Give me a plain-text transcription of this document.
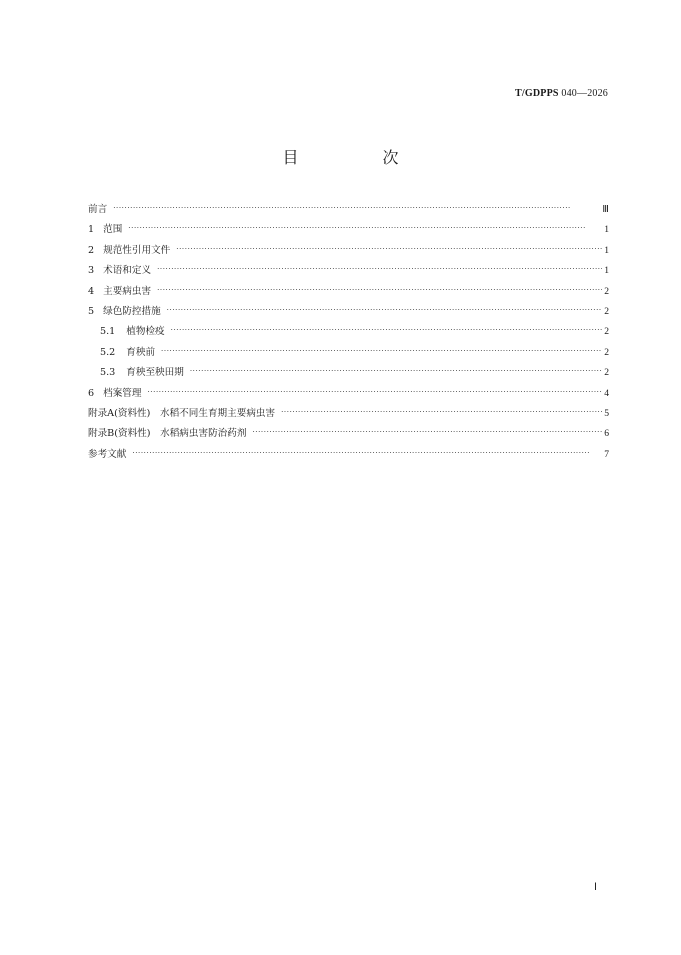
T/GDPPS 040—2026
目　次
前言 ·····	Ⅲ
1 范围 ·····	1
2 规范性引用文件 ·····	1
3 术语和定义 ·····	1
4 主要病虫害 ·····	2
5 绿色防控措施 ·····	2
5.1 植物检疫 ·····	2
5.2 育秧前 ·····	2
5.3 育秧至秧田期 ·····	2
6 档案管理 ·····	4
附录A(资料性)　水稻不同生育期主要病虫害 ·····	5
附录B(资料性)　水稻病虫害防治药剂 ·····	6
参考文献 ·····	7
Ⅰ
